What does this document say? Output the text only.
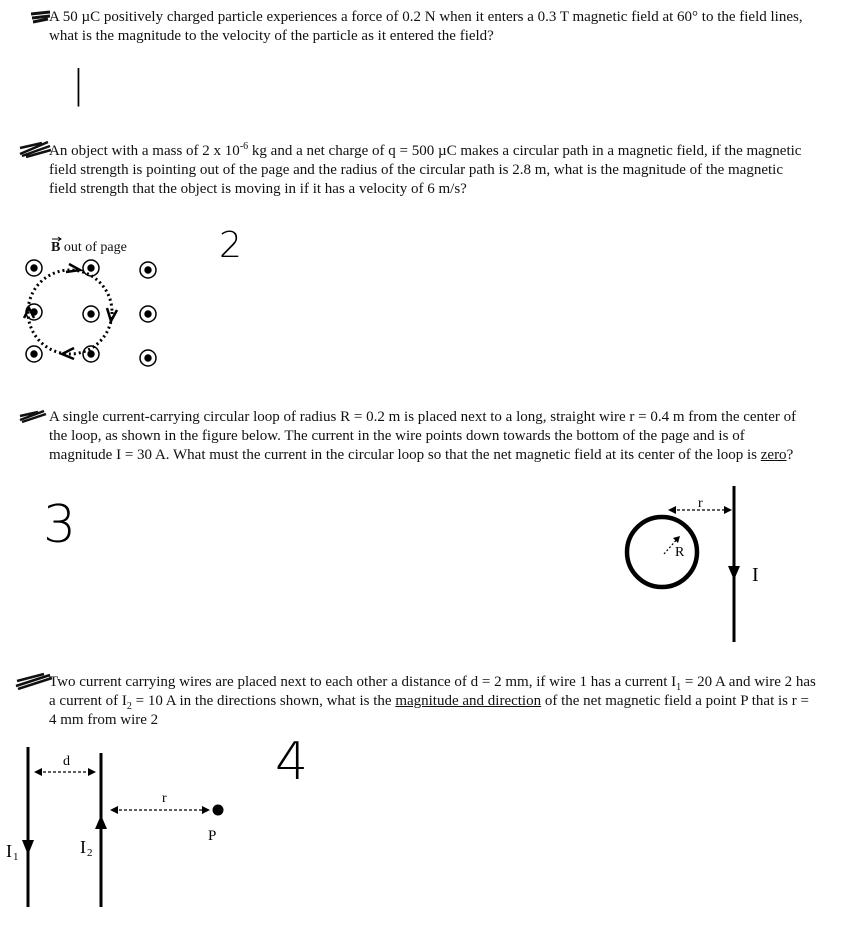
A 50 µC positively charged particle experiences a force of 0.2 N when it enters a 0.3 T magnetic field at 60° to the field lines, what is the magnitude to the velocity of the particle as it entered the field?
|
An object with a mass of 2 x $10^{-6}$ kg and a net charge of q = 500 µC makes a circular path in a magnetic field, if the magnetic field strength is pointing out of the page and the radius of the circular path is 2.8 m, what is the magnitude of the magnetic field strength that the object is moving in if it has a velocity of 6 m/s?
2
B out of page
A single current-carrying circular loop of radius R = 0.2 m is placed next to a long, straight wire r = 0.4 m from the center of the loop, as shown in the figure below. The current in the wire points down towards the bottom of the page and is of magnitude I = 30 A. What must the current in the circular loop so that the net magnetic field at its center of the loop is zero?
3	R
r
I
Two current carrying wires are placed next to each other a distance of d = 2 mm, if wire 1 has a current $I_1 = 20$ A and wire 2 has a current of $I_2 = 10$ A in the directions shown, what is the magnitude and direction of the net magnetic field a point P that is r = 4 mm from wire 2
4
d
r
P
I 1	I 2
